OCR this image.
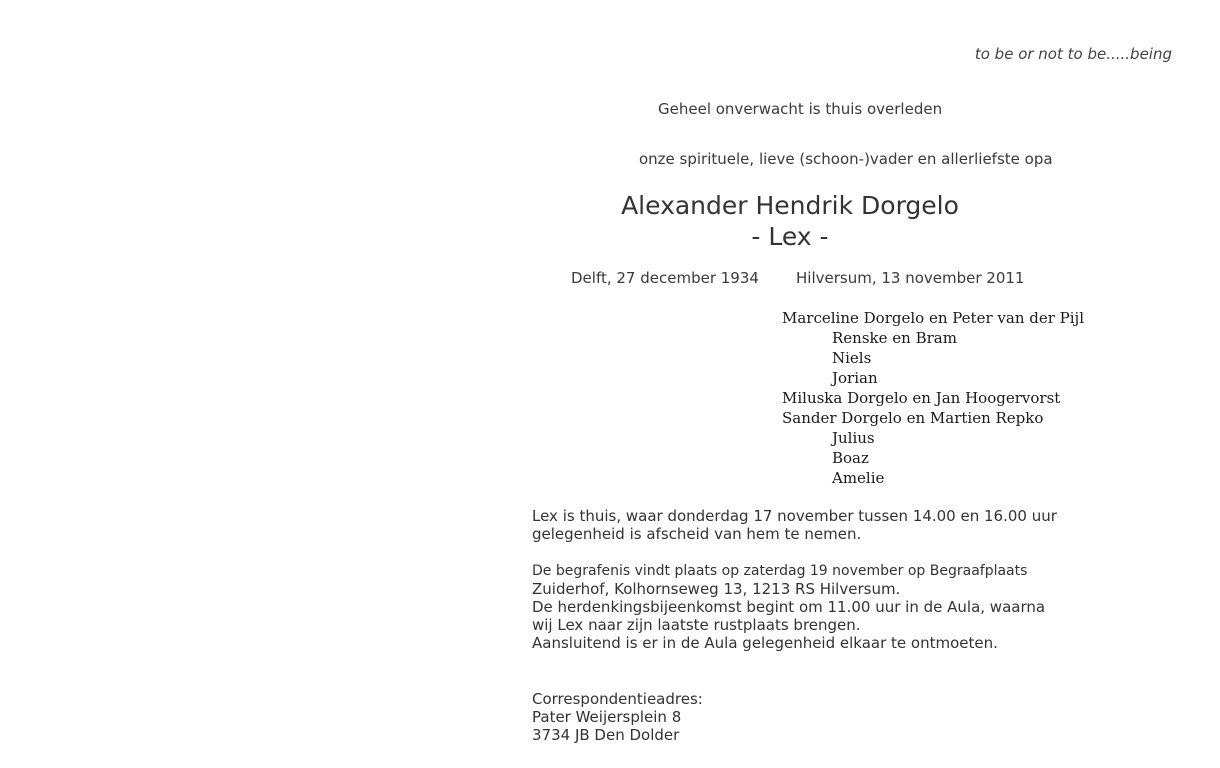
to be or not to be.....being
Geheel onverwacht is thuis overleden
onze spirituele, lieve (schoon-)vader en allerliefste opa
Alexander Hendrik Dorgelo
- Lex -
Delft, 27 december 1934 Hilversum, 13 november 2011
Marceline Dorgelo en Peter van der Pijl
Renske en Bram
Niels
Jorian
Miluska Dorgelo en Jan Hoogervorst
Sander Dorgelo en Martien Repko
Julius
Boaz
Amelie
Lex is thuis, waar donderdag 17 november tussen 14.00 en 16.00 uur
gelegenheid is afscheid van hem te nemen.
De begrafenis vindt plaats op zaterdag 19 november op Begraafplaats
Zuiderhof, Kolhornseweg 13, 1213 RS Hilversum.
De herdenkingsbijeenkomst begint om 11.00 uur in de Aula, waarna
wij Lex naar zijn laatste rustplaats brengen.
Aansluitend is er in de Aula gelegenheid elkaar te ontmoeten.
Correspondentieadres:
Pater Weijersplein 8
3734 JB Den Dolder
